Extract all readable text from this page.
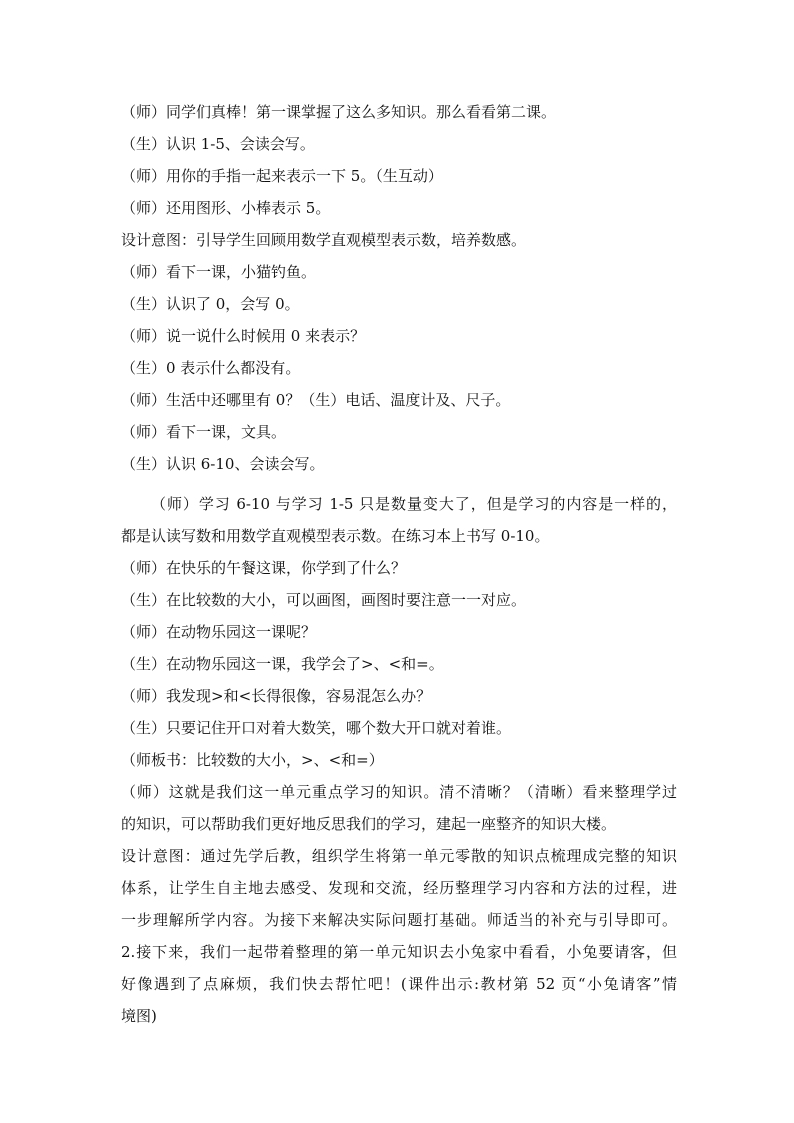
（师）同学们真棒！第一课掌握了这么多知识。那么看看第二课。
（生）认识 1-5、会读会写。
（师）用你的手指一起来表示一下 5。（生互动）
（师）还用图形、小棒表示 5。
设计意图：引导学生回顾用数学直观模型表示数，培养数感。
（师）看下一课，小猫钓鱼。
（生）认识了 0，会写 0。
（师）说一说什么时候用 0 来表示？
（生）0 表示什么都没有。
（师）生活中还哪里有 0？（生）电话、温度计及、尺子。
（师）看下一课，文具。
（生）认识 6-10、会读会写。
（师）学习 6-10 与学习 1-5 只是数量变大了，但是学习的内容是一样的，
都是认读写数和用数学直观模型表示数。在练习本上书写 0-10。
（师）在快乐的午餐这课，你学到了什么？
（生）在比较数的大小，可以画图，画图时要注意一一对应。
（师）在动物乐园这一课呢？
（生）在动物乐园这一课，我学会了>、<和=。
（师）我发现>和<长得很像，容易混怎么办？
（生）只要记住开口对着大数笑，哪个数大开口就对着谁。
（师板书：比较数的大小，>、<和=）
（师）这就是我们这一单元重点学习的知识。清不清晰？（清晰）看来整理学过
的知识，可以帮助我们更好地反思我们的学习，建起一座整齐的知识大楼。
设计意图：通过先学后教，组织学生将第一单元零散的知识点梳理成完整的知识
体系，让学生自主地去感受、发现和交流，经历整理学习内容和方法的过程，进
一步理解所学内容。为接下来解决实际问题打基础。师适当的补充与引导即可。
2.接下来，我们一起带着整理的第一单元知识去小兔家中看看，小兔要请客，但
好像遇到了点麻烦，我们快去帮忙吧！(课件出示:教材第 52 页“小兔请客”情
境图)
